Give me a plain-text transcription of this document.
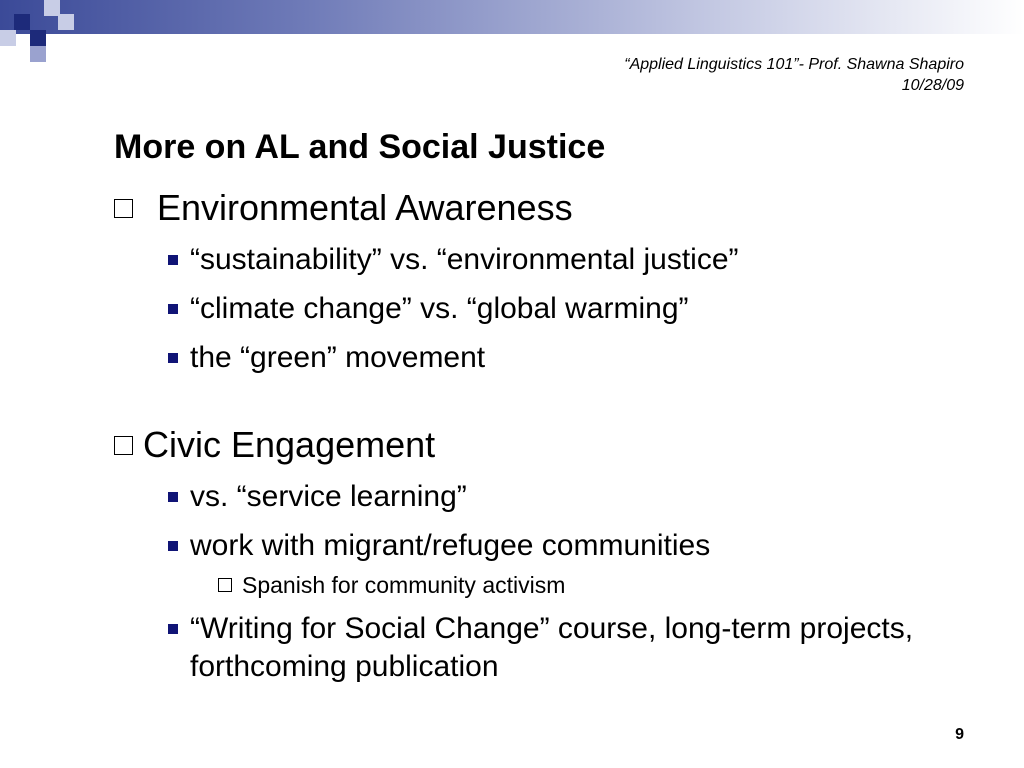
“Applied Linguistics 101”- Prof. Shawna Shapiro
10/28/09
More on AL and Social Justice
Environmental Awareness
“sustainability” vs. “environmental justice”
“climate change” vs. “global warming”
the “green” movement
Civic Engagement
vs. “service learning”
work with migrant/refugee communities
Spanish for community activism
“Writing for Social Change” course, long-term projects, forthcoming publication
9
